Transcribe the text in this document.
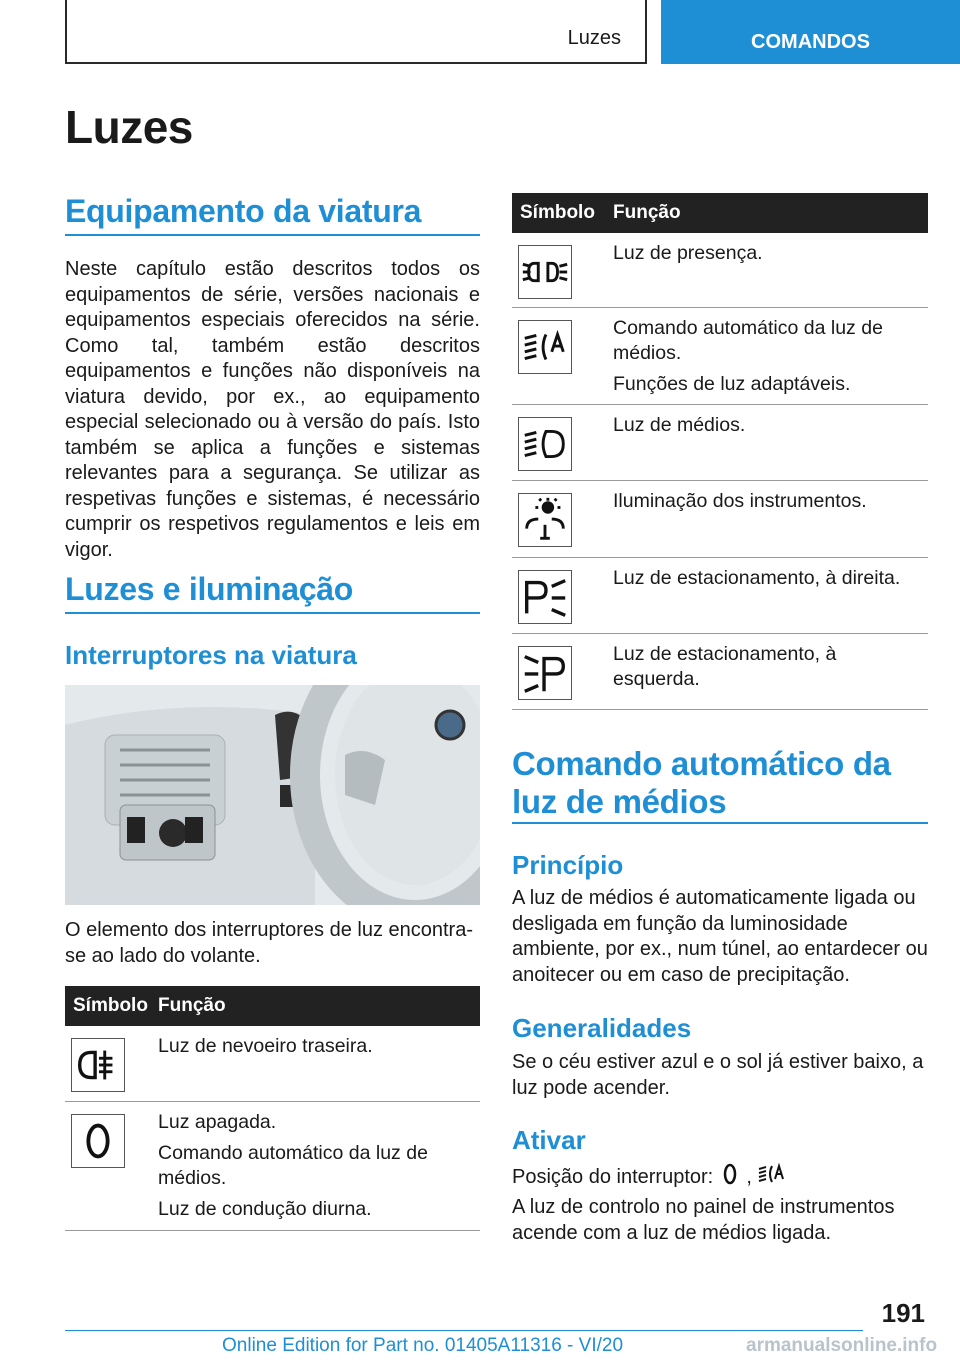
Luzes	COMANDOS
Luzes
Equipamento da viatura
Neste capítulo estão descritos todos os equipamentos de série, versões nacionais e equipamentos especiais oferecidos na série. Como tal, também estão descritos equipamentos e funções não disponíveis na viatura devido, por ex., ao equipamento especial selecionado ou à versão do país. Isto também se aplica a funções e sistemas relevantes para a segurança. Se utilizar as respetivas funções e sistemas, é necessário cumprir os respetivos regulamentos e leis em vigor.
Luzes e iluminação
Interruptores na viatura
O elemento dos interruptores de luz encontra-se ao lado do volante.
Símbolo Função

Luz de nevoeiro traseira.

Luz apagada.

Comando automático da luz de médios.

Luz de condução diurna.

Símbolo Função

Luz de presença.

Comando automático da luz de médios.

Funções de luz adaptáveis.

Luz de médios.

Iluminação dos instrumentos.

Luz de estacionamento, à direita.

Luz de estacionamento, à esquerda.

Comando automático da
luz de médios
Princípio
A luz de médios é automaticamente ligada ou desligada em função da luminosidade ambiente, por ex., num túnel, ao entardecer ou anoitecer ou em caso de precipitação.
Generalidades
Se o céu estiver azul e o sol já estiver baixo, a luz pode acender.
Ativar
Posição do interruptor: ,
A luz de controlo no painel de instrumentos acende com a luz de médios ligada.
191
Online Edition for Part no. 01405A11316 - VI/20	armanualsonline.info
